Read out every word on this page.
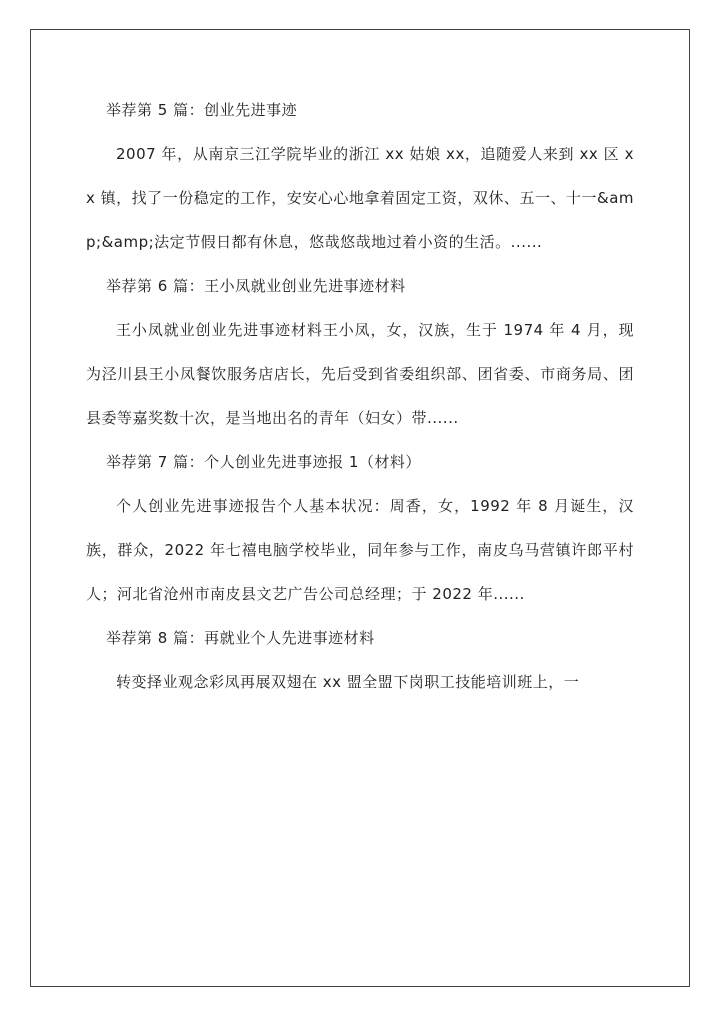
举荐第 5 篇：创业先进事迹

2007 年，从南京三江学院毕业的浙江 xx 姑娘 xx，追随爱人来到 xx 区 xx 镇，找了一份稳定的工作，安安心心地拿着固定工资，双休、五一、十一&amp;&amp;法定节假日都有休息，悠哉悠哉地过着小资的生活。......

举荐第 6 篇：王小凤就业创业先进事迹材料

王小凤就业创业先进事迹材料王小凤，女，汉族，生于 1974 年 4 月，现为泾川县王小凤餐饮服务店店长，先后受到省委组织部、团省委、市商务局、团县委等嘉奖数十次，是当地出名的青年（妇女）带......

举荐第 7 篇：个人创业先进事迹报 1（材料）

个人创业先进事迹报告个人基本状况：周香，女，1992 年 8 月诞生，汉族，群众，2022 年七禧电脑学校毕业，同年参与工作，南皮乌马营镇许郎平村人；河北省沧州市南皮县文艺广告公司总经理；于 2022 年......

举荐第 8 篇：再就业个人先进事迹材料

转变择业观念彩凤再展双翅在 xx 盟全盟下岗职工技能培训班上，一
